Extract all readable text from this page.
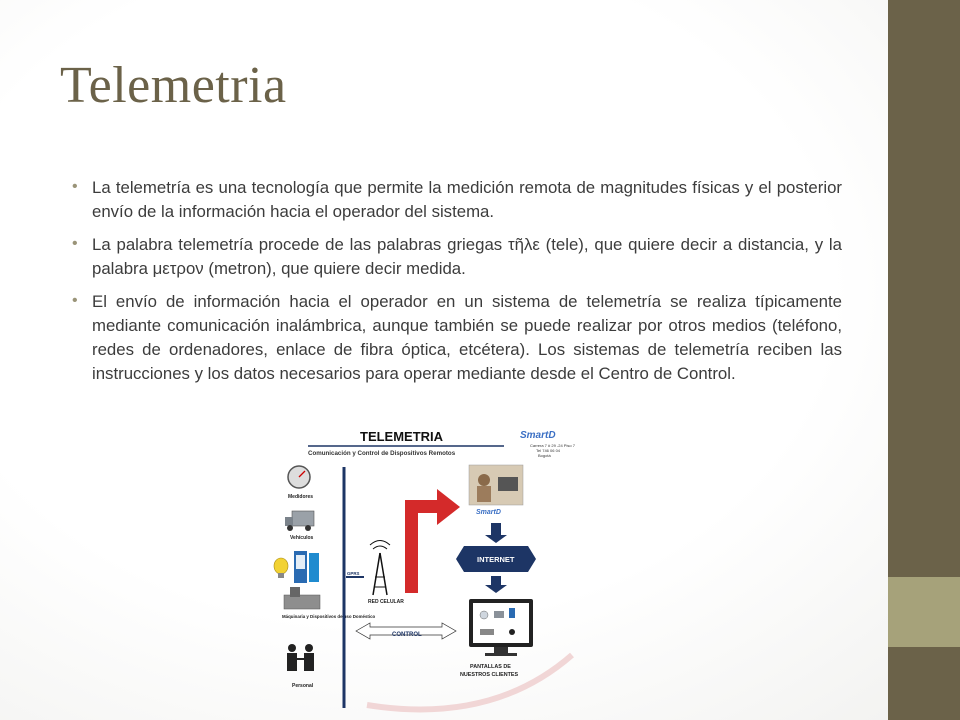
Telemetria
• La telemetría es una tecnología que permite la medición remota de magnitudes físicas y el posterior envío de la información hacia el operador del sistema.
• La palabra telemetría procede de las palabras griegas τῆλε (tele), que quiere decir a distancia, y la palabra μετρον (metron), que quiere decir medida.
• El envío de información hacia el operador en un sistema de telemetría se realiza típicamente mediante comunicación inalámbrica, aunque también se puede realizar por otros medios (teléfono, redes de ordenadores, enlace de fibra óptica, etcétera). Los sistemas de telemetría reciben las instrucciones y los datos necesarios para operar mediante desde el Centro de Control.
TELEMETRIA
Comunicación y Control de Dispositivos Remotos
SmartD
Carrera 7 # 29 -24 Piso 7
Tel 746 06 04
Bogotá
Medidores
Vehículos
Máquinaria y Dispositivos de uso Doméstico
Personal
GPRS
RED CELULAR
SmartD
INTERNET
CONTROL
PANTALLAS DE
NUESTROS CLIENTES
